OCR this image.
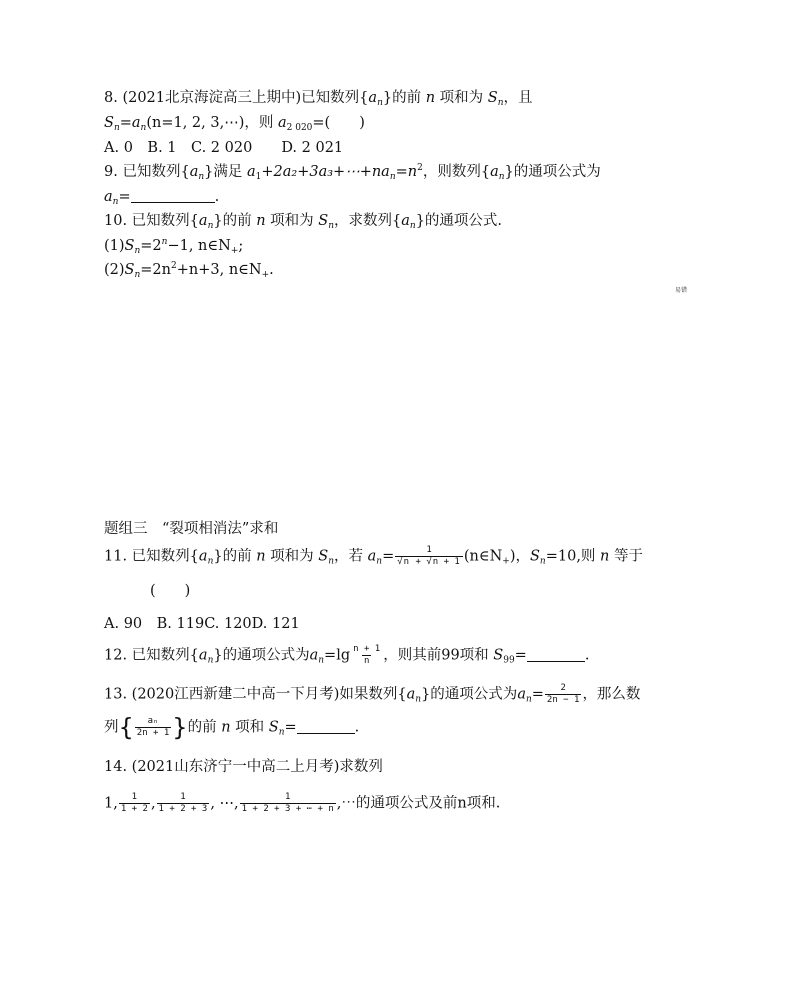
8. (2021北京海淀高三上期中)已知数列$\{a_n\}$的前 n 项和为 $S_n$，且
$S_n=a_n(n=1$, 2, 3,⋯)，则 $a_{2 020}=$(　　)
A. 0　B. 1　C. 2 020　　D. 2 021
9. 已知数列$\{a_n\}$满足 $a_1+2a_2+3a_3+\cdots+na_n=n^2$，则数列$\{a_n\}$的通项公式为
$a_n=$	.
10. 已知数列$\{a_n\}$的前 n 项和为 $S_n$，求数列$\{a_n\}$的通项公式.
$(1)S_n=2^n-1$, $n\in N_+$;
$(2)S_n=2n^2+n+3$, $n\in N_+$.
易错
题组三　“裂项相消法”求和
11. 已知数列$\{a_n\}$的前 n 项和为 $S_n$，若 $a_n= \frac{1}{√n + √n + 1}$ $(n\in N_+)$，$S_n=10$,则 n 等于
(　　)
A. 90　B. 119C. 120D. 121
12. 已知数列$\{a_n\}$的通项公式为$a_n=\lg \frac{n + 1}{n}$ ，则其前99项和 $S_{99}=$	.
13. (2020江西新建二中高一下月考)如果数列$\{a_n\}$的通项公式为$a_n= \frac{2}{2n - 1}$ ，那么数
列{ $\frac{\text{aₙ}}{2n + 1}$ }的前 n 项和 $S_n=$	.
14. (2021山东济宁一中高二上月考)求数列
1, $\frac{1}{1 + 2}$ , $\frac{1}{1 + 2 + 3}$ , ⋯, $\frac{1}{1 + 2 + 3 + \cdots + n}$ ,⋯的通项公式及前n项和.
